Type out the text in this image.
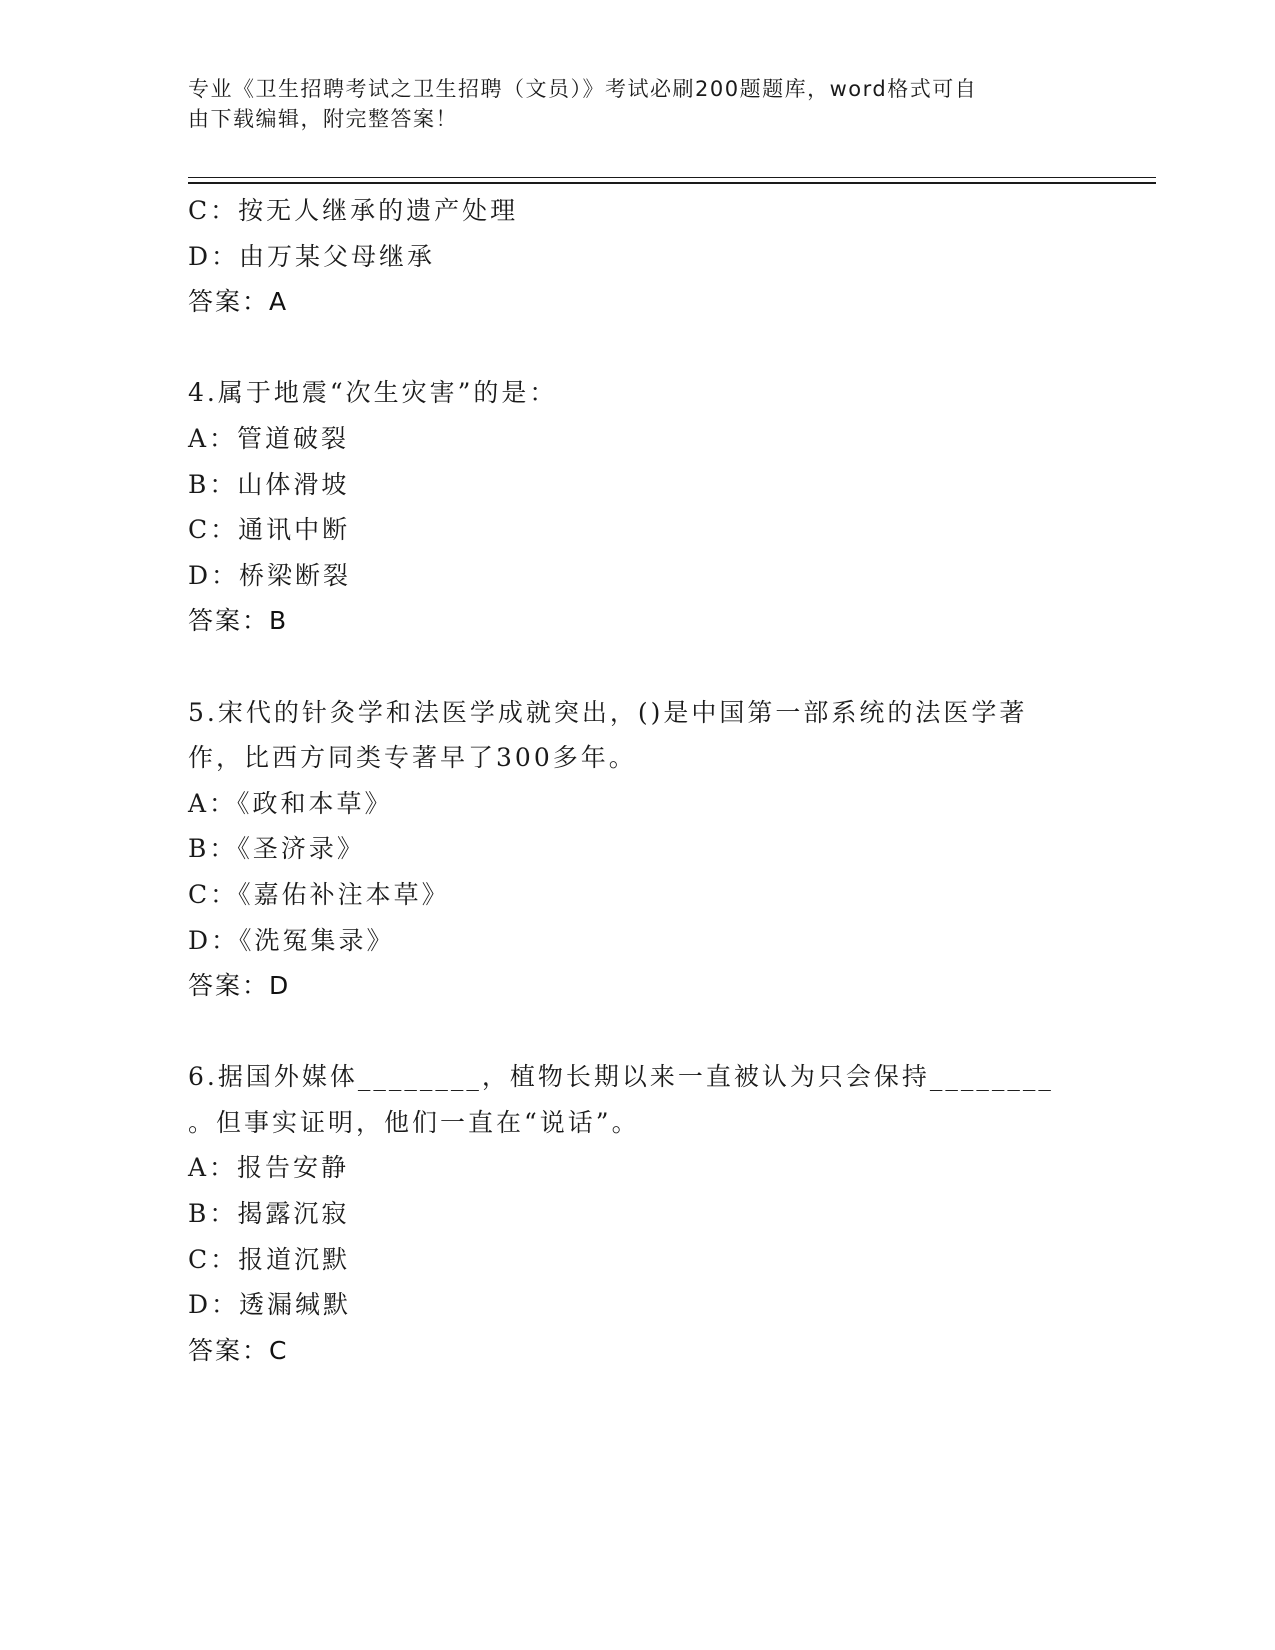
专业《卫生招聘考试之卫生招聘（文员）》考试必刷200题题库，word格式可自
由下载编辑，附完整答案！
C：按无人继承的遗产处理
D：由万某父母继承
答案：A
4.属于地震“次生灾害”的是：
A：管道破裂
B：山体滑坡
C：通讯中断
D：桥梁断裂
答案：B
5.宋代的针灸学和法医学成就突出，()是中国第一部系统的法医学著
作，比西方同类专著早了300多年。
A：《政和本草》
B：《圣济录》
C：《嘉佑补注本草》
D：《洗冤集录》
答案：D
6.据国外媒体________，植物长期以来一直被认为只会保持________
。但事实证明，他们一直在“说话”。
A：报告安静
B：揭露沉寂
C：报道沉默
D：透漏缄默
答案：C
